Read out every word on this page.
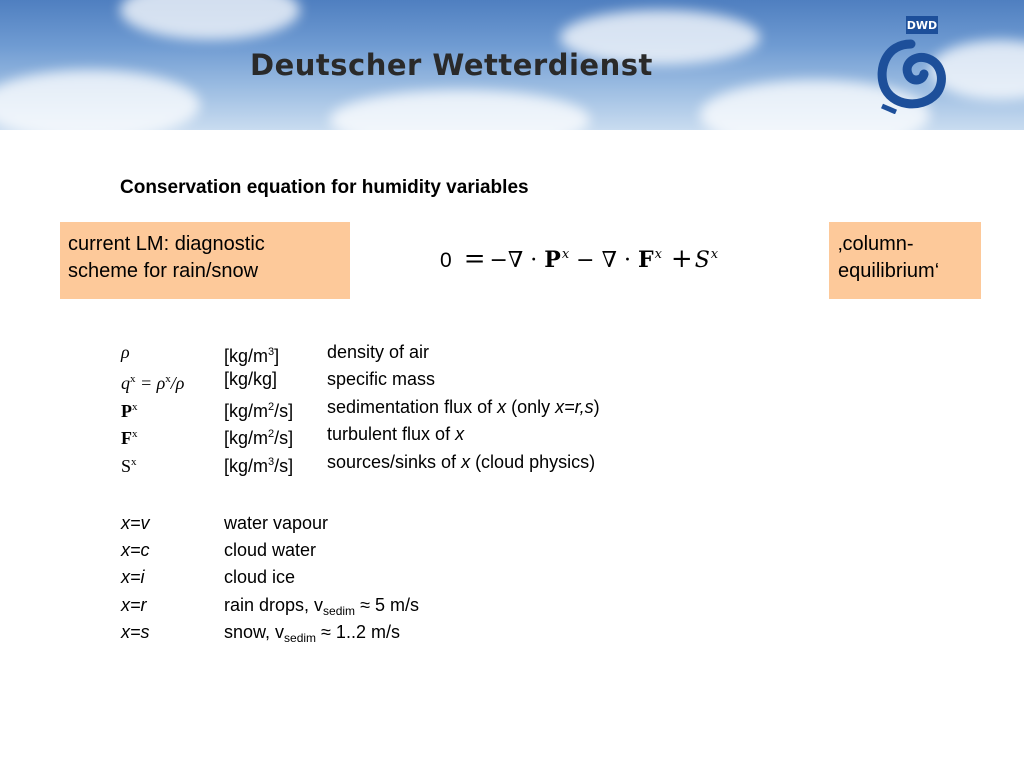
Deutscher Wetterdienst
DWD
Conservation equation for humidity variables
current LM: diagnostic
scheme for rain/snow
‚column-
equilibrium‘
0 = −∇ · $P^x$ − ∇ · $F^x +S^x$
ρ	$[kg/m^3]$	density of air
$q^x = \rho^x/\rho$ [kg/kg]	specific mass
$P^x$	$[kg/m^2/s]$ sedimentation flux of x (only x=r,s)
$F^x$	$[kg/m^2/s]$ turbulent flux of x
$S^x$	$[kg/m^3/s]$ sources/sinks of x (cloud physics)
x=v	water vapour
x=c	cloud water
x=i	cloud ice
x=r	rain drops, $v_{sedim} \approx 5$ m/s
x=s	snow, $v_{sedim} \approx 1..2$ m/s
